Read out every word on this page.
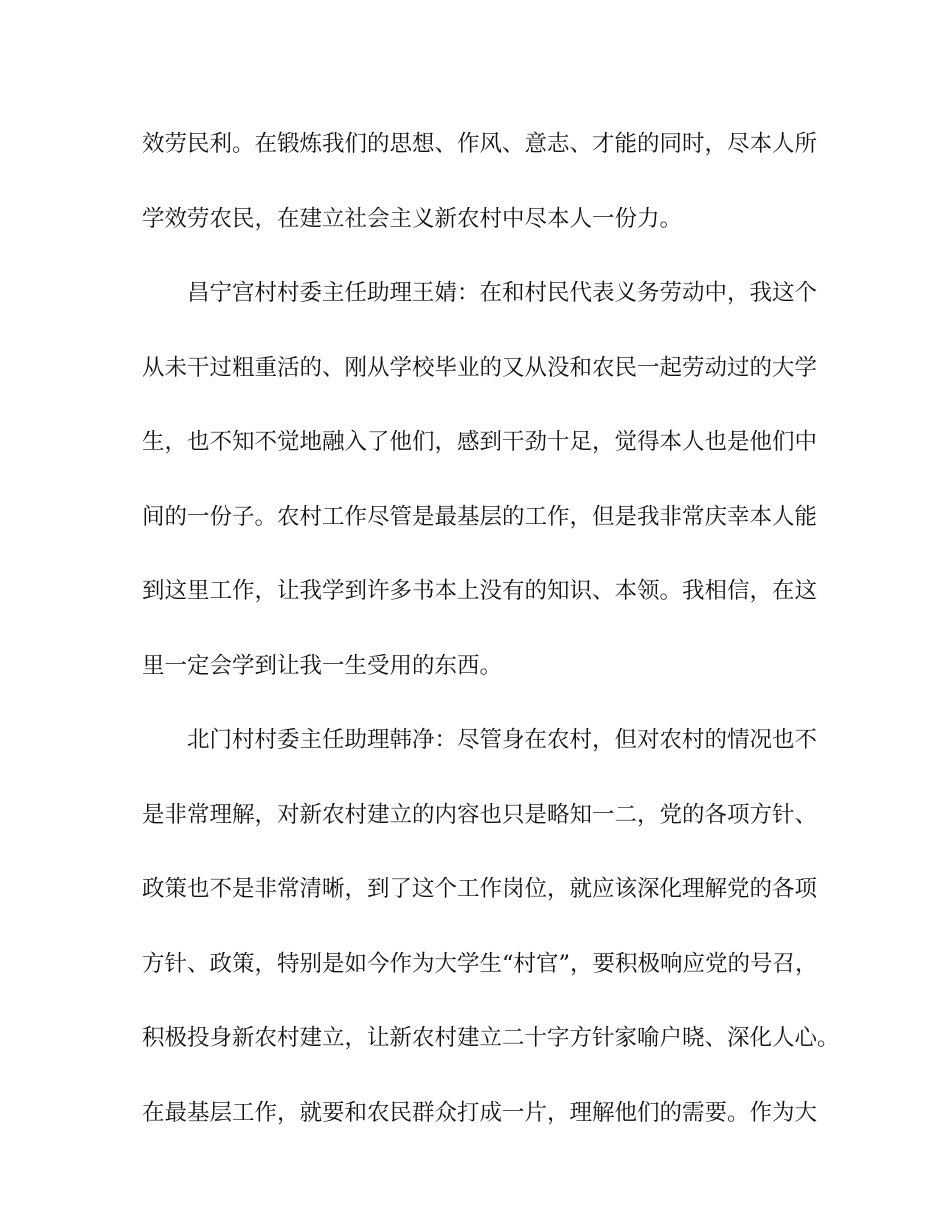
效劳民利。在锻炼我们的思想、作风、意志、才能的同时，尽本人所
学效劳农民，在建立社会主义新农村中尽本人一份力。
昌宁宫村村委主任助理王婧：在和村民代表义务劳动中，我这个
从未干过粗重活的、刚从学校毕业的又从没和农民一起劳动过的大学
生，也不知不觉地融入了他们，感到干劲十足，觉得本人也是他们中
间的一份子。农村工作尽管是最基层的工作，但是我非常庆幸本人能
到这里工作，让我学到许多书本上没有的知识、本领。我相信，在这
里一定会学到让我一生受用的东西。
北门村村委主任助理韩净：尽管身在农村，但对农村的情况也不
是非常理解，对新农村建立的内容也只是略知一二，党的各项方针、
政策也不是非常清晰，到了这个工作岗位，就应该深化理解党的各项
方针、政策，特别是如今作为大学生“村官”，要积极响应党的号召，
积极投身新农村建立，让新农村建立二十字方针家喻户晓、深化人心。
在最基层工作，就要和农民群众打成一片，理解他们的需要。作为大
